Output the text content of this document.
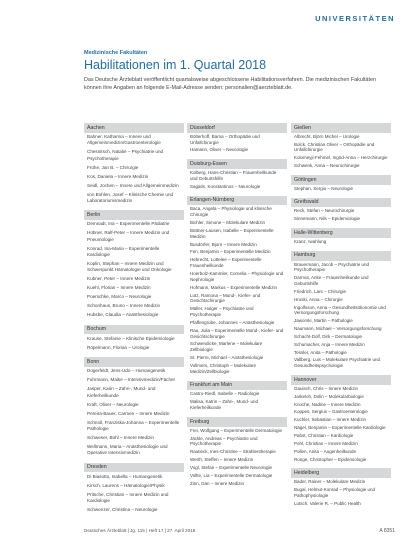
UNIVERSITÄTEN
Medizinische Fakultäten
Habilitationen im 1. Quartal 2018
Das Deutsche Ärzteblatt veröffentlicht quartalsweise abgeschlossene Habilitationsverfahren. Die medizinischen Fakultäten können ihre Angaben an folgende E-Mail-Adresse senden: personalien@aerzteblatt.de.
Aachen
Bahner, Katharina – Innere und Allgemeinmedizin/Gastroenterologie
Chesnitsch, Natalie – Psychiatrie und Psychotherapie
Frühe, Jan B. – Chirurgie
Kos, Daniela – Innere Medizin
Seidl, Jochen – Innere und Allgemeinmedizin
von Bohlen, Josef – Klinische Chemie und Laboratoriumsmedizin
Berlin
Demnadt, Ina – Experimentelle Pädiatrie
Hübner, Ralf-Peter – Innere Medizin und Pneumologie
Konrad, Ina-Maria – Experimentelle Kardiologie
Koplin, Stephan – Innere Medizin und Schwerpunkt Hämatologie und Onkologie
Kubner, Peter – Innere Medizin
Kuehl, Florian – Innere Medizin
Poerschke, Marco – Neurologie
Schonhaus, Bruno – Innere Medizin
Hubsbe, Claudia – Anästhesiologie
Bochum
Krause, Stefanie – Klinische Epidemiologie
Röpelmann, Florian – Urologie
Bonn
Dogerfeldt, Jens-Udo – Humangenetik
Fuhrmann, Maike – Intensivmedizin/Fächer
Jasper, Karin – Zahn-, Mund- und Kieferheilkunde
Kraft, Oliver – Neurologie
Pereira-Bauer, Carmen – Innere Medizin
Schnoll, Franziska-Johanna – Experimentelle Pathologie
Schweser, Bühl – Innere Medizin
Wellmann, Maria – Anästhesiologie und Operative Intensivmedizin
Dresden
Di Biasotto, Isabella – Humangenetik
Kirsch, Laurens – Hämatologie/Physik
Pritsche, Christian – Innere Medizin und Kardiologie
Schwenzer, Christina – Neurologie
Düsseldorf
Bölterhoff, Barna – Orthopädie und Unfallchirurgie
Hamann, Oliver – Neurologie
Duisburg-Essen
Kolberg, Hans-Christian – Frauenheilkunde und Geburtshilfe
Sagatis, Konstantinos – Neurologie
Erlangen-Nürnberg
Baca, Angela – Physiologie und klinische Chirurgie
Bichler, Simone – Molekulare Medizin
Büttner-Lausen, Isabelle – Experimentelle Medizin
Busdörfer, Bjorn – Innere Medizin
Fen, Benjamin – Experimentelle Medizin
Hebrecht, Lottelee – Experimentelle Frauenheilkunde
Hoerbolz-Kammler, Cornelia – Physiologie und Nephrologie
Hofmann, Markus – Experimentelle Medizin
Lutz, Ramona – Mund-, Kiefer- und Gesichtschirurgie
Müller, Holger – Psychiatrie und Psychotherapie
Pfaffengrube, Johannes – Anästhesiologie
Rau, Julia – Experimentelle Mund-, Kiefer- und Gesichtschirurgie
Schwendicke, Marlene – Molekulare Zellbiologie
St. Pierre, Michael – Anästhesiologie
Vollmers, Christoph – Molekulare Medizin/Zellbiologie
Frankfurt am Main
Castro-Riedl, Isabelle – Radiologie
Malisa, Katrin – Zahn-, Mund- und Kieferheilkunde
Freiburg
Frei, Wolfgang – Experimentelle Dermatologie
Jäckle, Andreas – Psychiatrie und Psychotherapie
Rautieck, Ines-Christine – Strahlentherapie
Werth, Steffen – Innere Medizin
Vogl, Stefan – Experimentelle Neurologie
Vollte, Lia – Experimentelle Dermatologie
Zinn, Dan – Innere Medizin
Gießen
Albrecht, Björn Michel – Urologie
Bolck, Christian Oliver – Orthopädie und Unfallchirurgie
Kolomeyji-Fehmel, Ingrid-Anna – Herzchirurgie
Schwenk, Anna – Neurochirurgie
Göttingen
Stephan, Sergio – Neurologie
Greifswald
Reck, Stefan – Neurochirurgie
Sinnemann, Nils – Epidemiologie
Halle-Wittenberg
Kranz, Iwahlung
Hamburg
Brauermann, Jacob – Psychiatrie und Psychotherapie
Darmut, Anke – Frauenheilkunde und Geburtshilfe
Friedrich, Lars – Chirurgie
Hruski, Anna – Chirurgie
Ingolfsson, Anna – Gesundheitsökonomie und Versorgungsforschung
Jaworski, Martin – Pathologie
Naumann, Michael – Versorgungsforschung
Schacht-Dolf, Dirk – Dermatologie
Schumacher, Anja – Innere Medizin
Tessler, Anita – Pathologie
Vallberg, Luis – Molekulare Psychiatrie und Gesundheitspsychologie
Hannover
Gauisch, Chris – Innere Medizin
Jarkeloh, Dolin – Molekularbiologie
Knoche, Nadine – Innere Medizin
Koppes, Sergius – Gastroenterologie
Kuchler, Sebastian – Innere Medizin
Nägel, Benjamin – Experimentelle Kardiologie
Pabst, Christian – Kardiologie
Pohl, Christian – Innere Medizin
Pollen, Anita – Augenheilkunde
Ronge, Christopher – Epidemiologie
Heidelberg
Bader, Rainer – Molekulare Medizin
Bugal, Helmut-Konrad – Physiologie und Pathophysiologie
Lutsch, Valerie R. – Public Health
Deutsches Ärzteblatt | Jg. 115 | Heft 17 | 27. April 2018	A 8351
